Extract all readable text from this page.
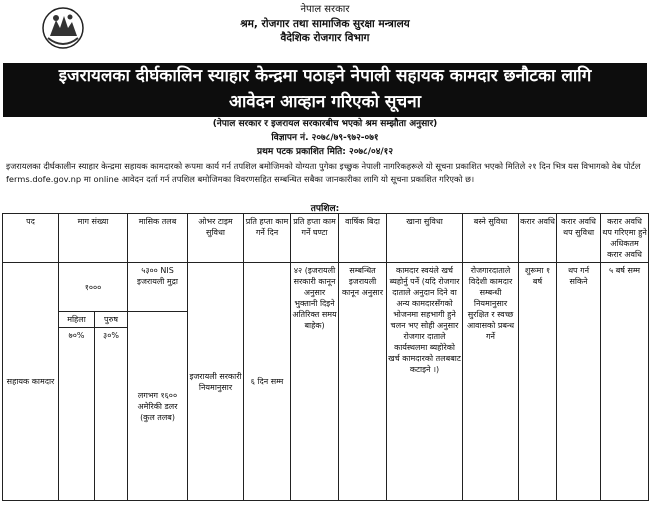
नेपाल सरकार
श्रम, रोजगार तथा सामाजिक सुरक्षा मन्त्रालय
वैदेशिक रोजगार विभाग
इजरायलका दीर्घकालिन स्याहार केन्द्रमा पठाइने नेपाली सहायक कामदार छनौटका लागि
आवेदन आव्हान गरिएको सूचना
(नेपाल सरकार र इजरायल सरकारबीच भएको श्रम सम्झौता अनुसार)
विज्ञापन नं. २०७८/७९-९७२-०७१
प्रथम पटक प्रकाशित मिति: २०७८/०४/१२
इजरायलका दीर्घकालीन स्याहार केन्द्रमा सहायक कामदारको रूपमा कार्य गर्न तपशिल बमोजिमको योग्यता पुगेका इच्छुक नेपाली नागरिकहरूले यो सूचना प्रकाशित भएको मितिले २१ दिन भित्र यस विभागको वेब पोर्टल ferms.dofe.gov.np मा online आवेदन दर्ता गर्न तपशिल बमोजिमका विवरणसहित सम्बन्धित सबैका जानकारीका लागि यो सूचना प्रकाशित गरिएको छ।
तपशिल:
पद	माग संख्या		मासिक तलब	ओभर टाइम सुविधा	प्रति हप्ता काम गर्ने दिन	प्रति हप्ता काम गर्ने घण्टा	वार्षिक बिदा	खाना सुविधा	बस्ने सुविधा	करार अवधि	करार अवधि थप सुविधा	करार अवधि थप गरिएमा हुने अधिकतम करार अवधि
सहायक कामदार	१०००		५३०० NIS इजरायली मुद्रा	इजरायली सरकारी नियमानुसार	६ दिन सम्म	४२ (इजरायली सरकारी कानून अनुसार भुक्तानी दिइने अतिरिक्त समय बाहेक)	सम्बन्धित इजरायली कानून अनुसार	कामदार स्वयंले खर्च ब्यहोर्नु पर्ने (यदि रोजगार दाताले अनुदान दिने वा अन्य कामदारसँगको भोजनमा सहभागी हुने चलन भए सोही अनुसार रोजगार दाताले कार्यस्थलमा ब्यहोरेको खर्च कामदारको तलबबाट कटाइने ।)	रोजगारदाताले विदेशी कामदार सम्बन्धी नियमानुसार सुरक्षित र स्वच्छ आवासको प्रबन्ध गर्ने	शुरूमा १ बर्ष	थप गर्न सकिने	५ बर्ष सम्म
	महिला	पुरुष	लगभग १६०० अमेरिकी डलर (कुल तलब)									
	७०%	३०%										
